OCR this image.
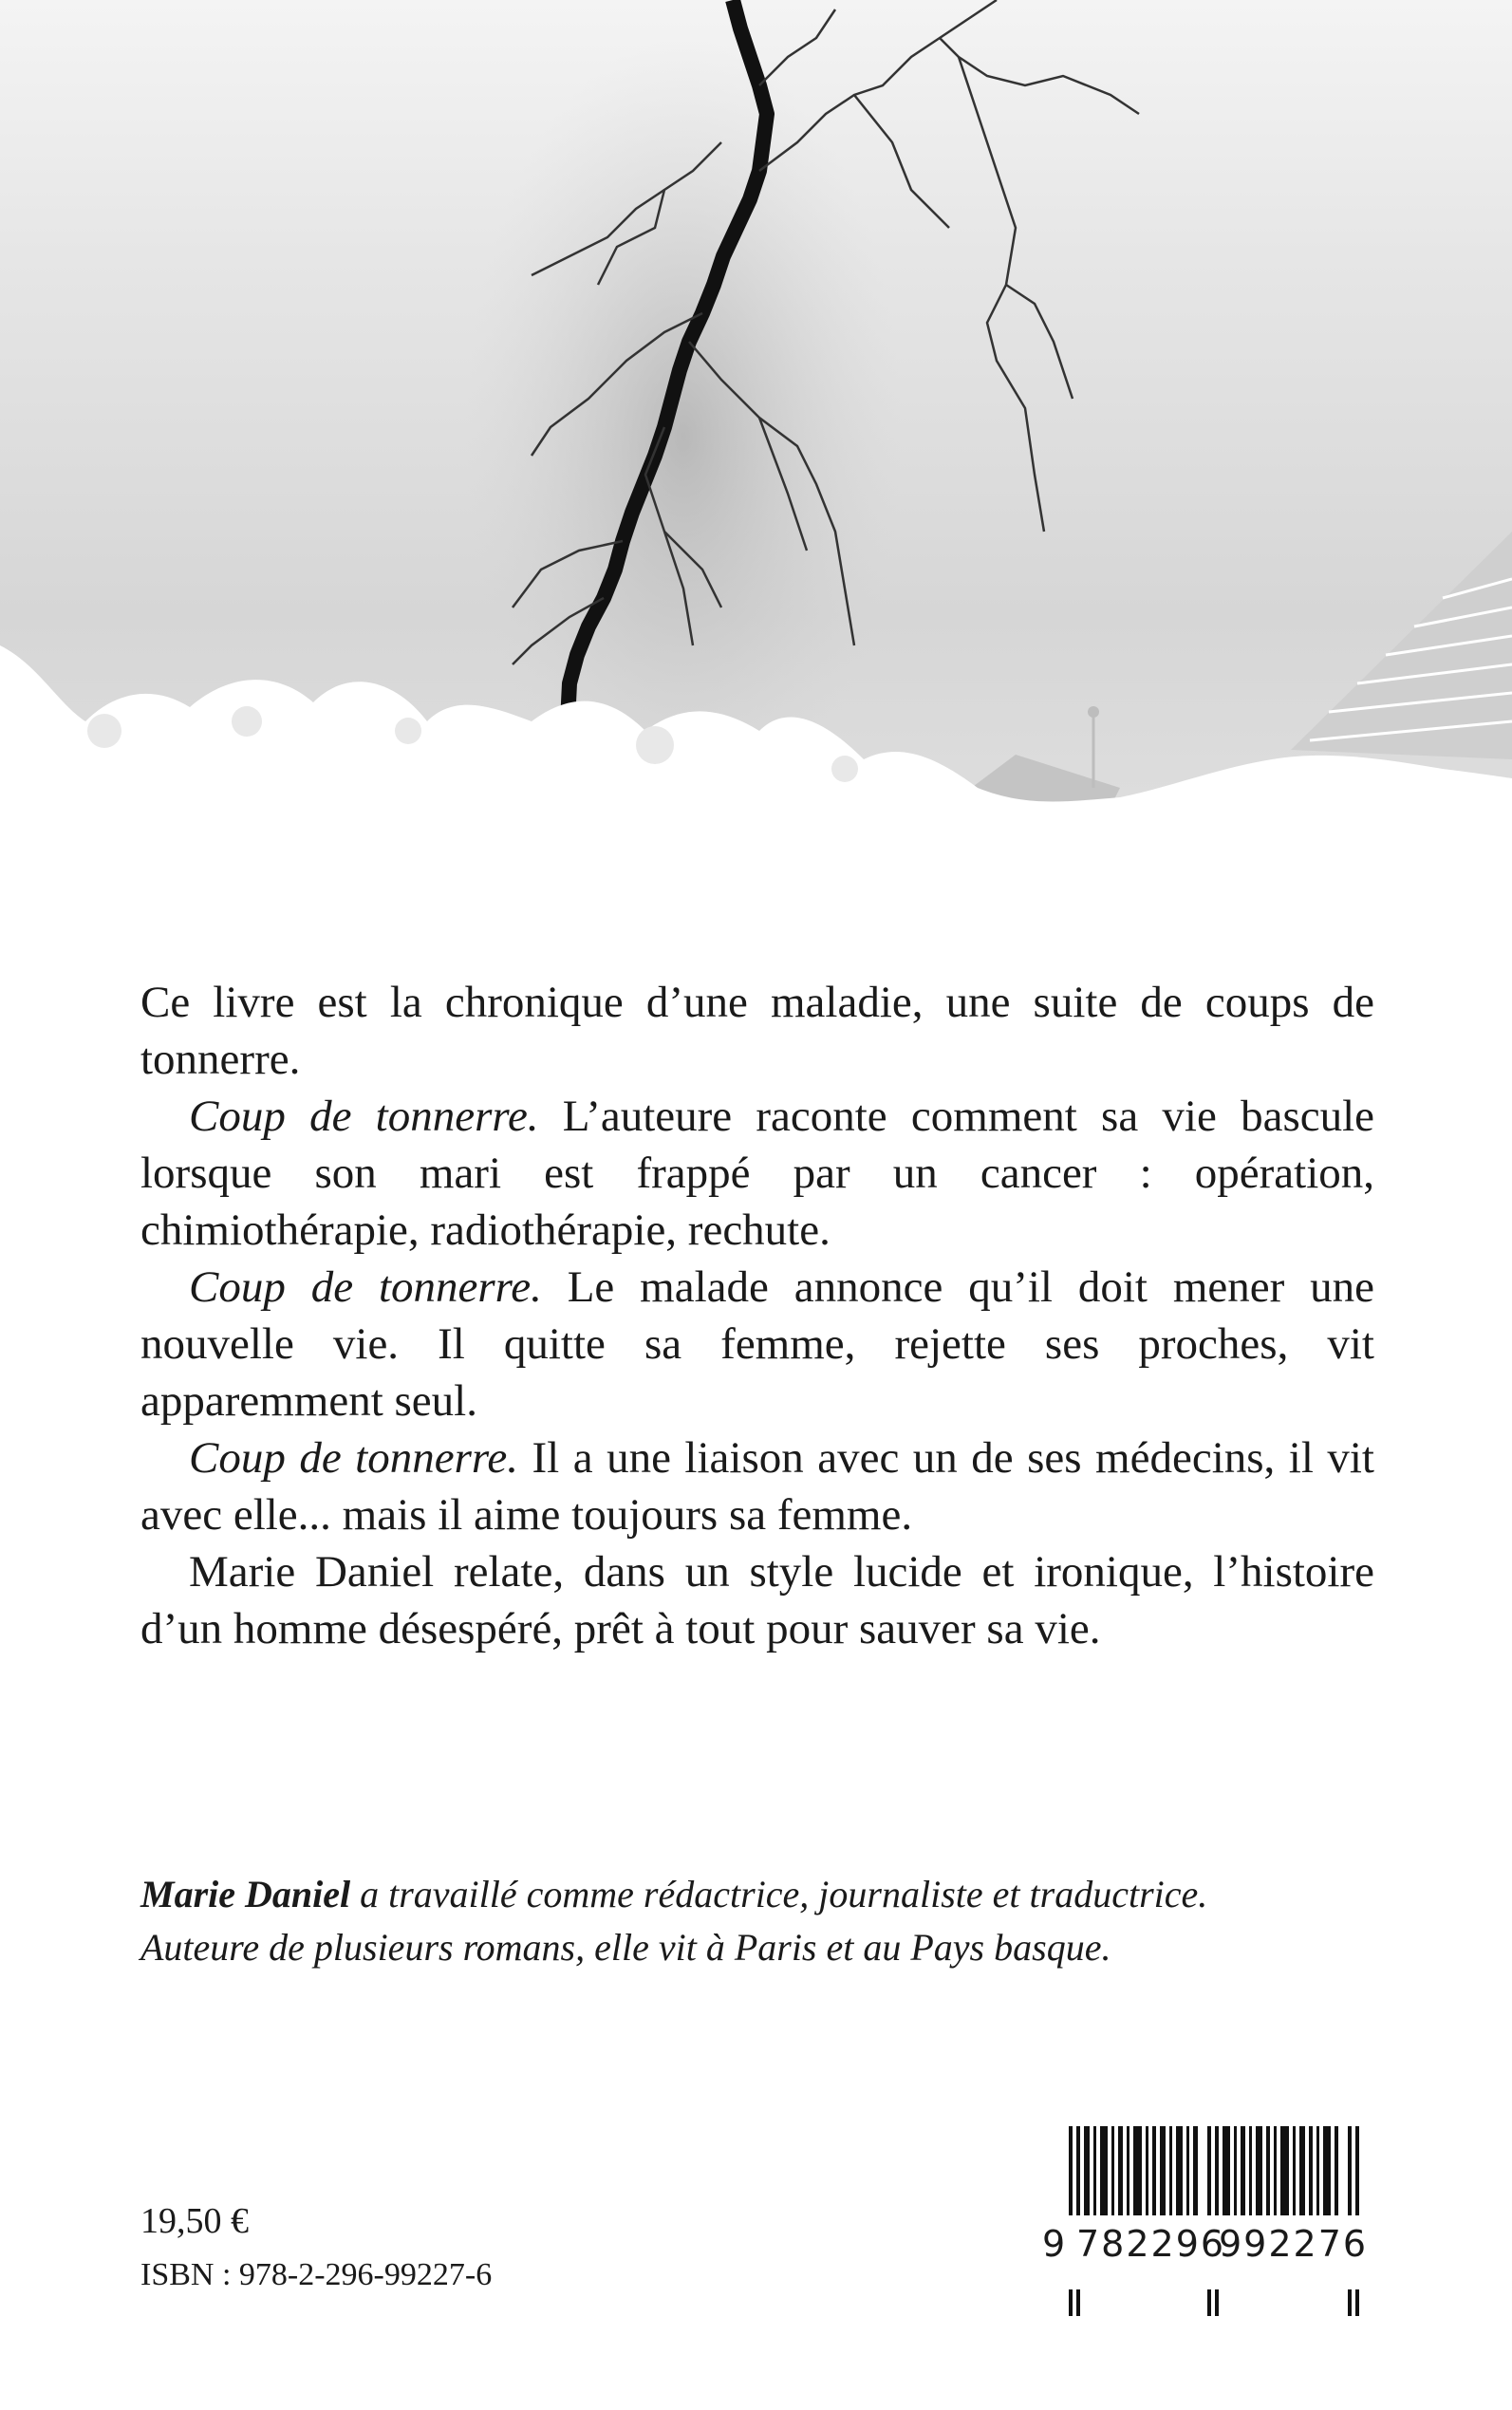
Ce livre est la chronique d’une maladie, une suite de coups de tonnerre.

Coup de tonnerre. L’auteure raconte comment sa vie bascule lorsque son mari est frappé par un cancer : opération, chimiothérapie, radiothérapie, rechute.

Coup de tonnerre. Le malade annonce qu’il doit mener une nouvelle vie. Il quitte sa femme, rejette ses proches, vit apparemment seul.

Coup de tonnerre. Il a une liaison avec un de ses médecins, il vit avec elle... mais il aime toujours sa femme.

Marie Daniel relate, dans un style lucide et ironique, l’histoire d’un homme désespéré, prêt à tout pour sauver sa vie.

Marie Daniel a travaillé comme rédactrice, journaliste et traductrice.

Auteure de plusieurs romans, elle vit à Paris et au Pays basque.

19,50 €
ISBN : 978-2-296-99227-6
9 782296
992276
